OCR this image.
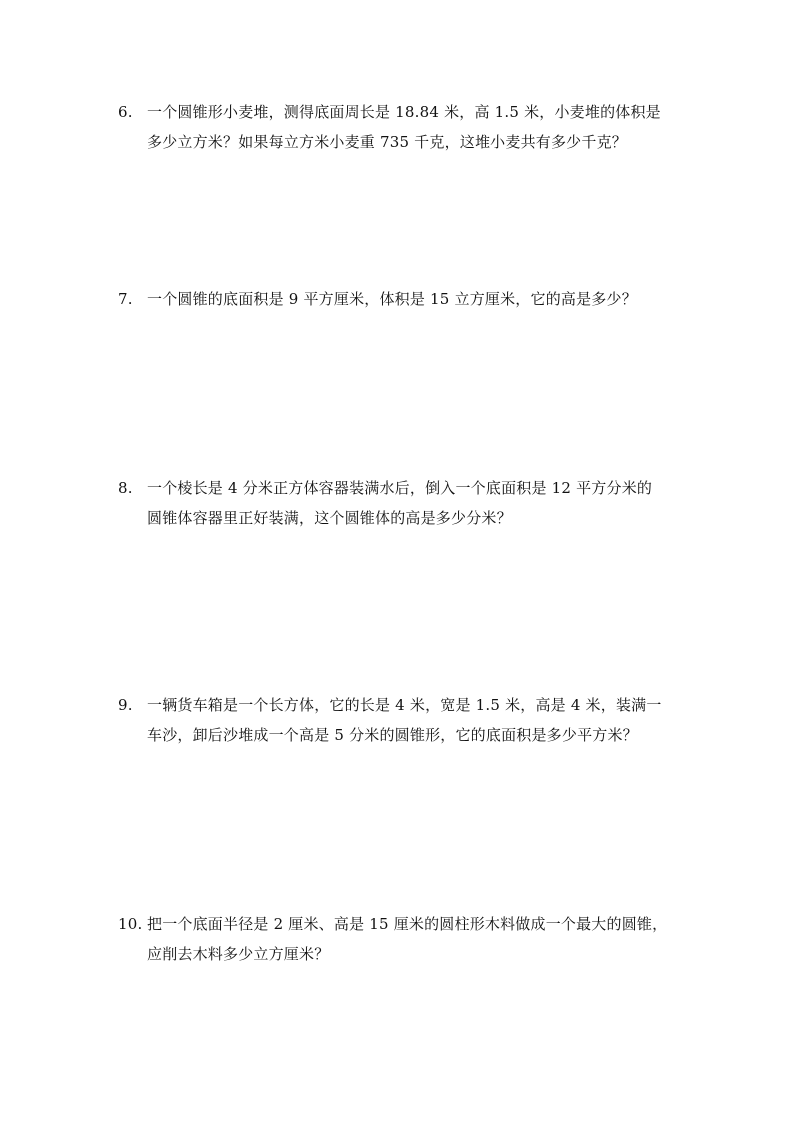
6. 一个圆锥形小麦堆，测得底面周长是 18.84 米，高 1.5 米，小麦堆的体积是
多少立方米？如果每立方米小麦重 735 千克，这堆小麦共有多少千克？
7. 一个圆锥的底面积是 9 平方厘米，体积是 15 立方厘米，它的高是多少？
8. 一个棱长是 4 分米正方体容器装满水后，倒入一个底面积是 12 平方分米的
圆锥体容器里正好装满，这个圆锥体的高是多少分米？
9. 一辆货车箱是一个长方体，它的长是 4 米，宽是 1.5 米，高是 4 米，装满一
车沙，卸后沙堆成一个高是 5 分米的圆锥形，它的底面积是多少平方米？
10. 把一个底面半径是 2 厘米、高是 15 厘米的圆柱形木料做成一个最大的圆锥，
应削去木料多少立方厘米？
